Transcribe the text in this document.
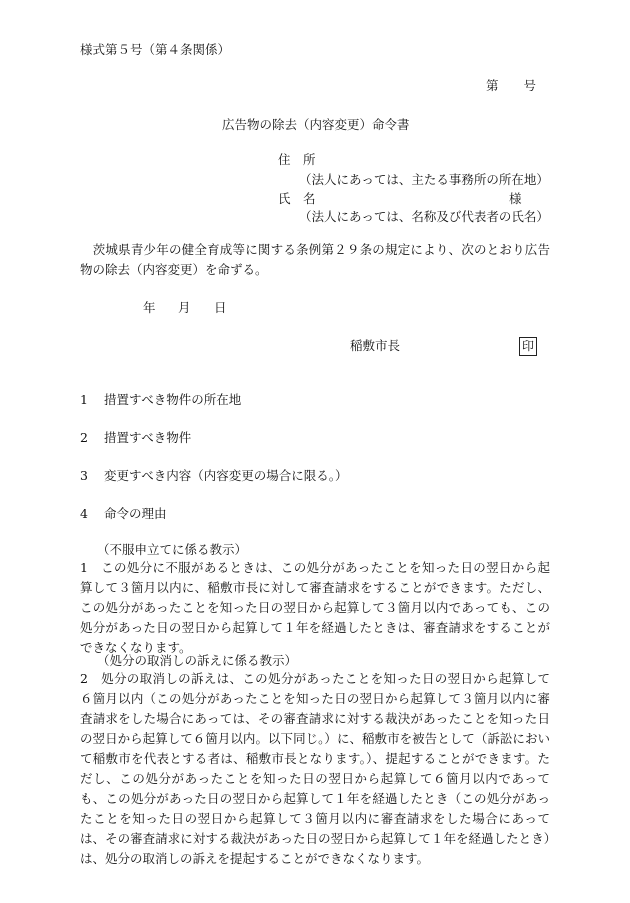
様式第５号（第４条関係）
第　　号
広告物の除去（内容変更）命令書
住　所
（法人にあっては、主たる事務所の所在地）
氏　名	様
（法人にあっては、名称及び代表者の氏名）
　茨城県青少年の健全育成等に関する条例第２９条の規定により、次のとおり広告物の除去（内容変更）を命ずる。
年 月 日
稲敷市長	印
1 措置すべき物件の所在地
2 措置すべき物件
3 変更すべき内容（内容変更の場合に限る。）
4 命令の理由
（不服申立てに係る教示）
1　この処分に不服があるときは、この処分があったことを知った日の翌日から起算して３箇月以内に、稲敷市長に対して審査請求をすることができます。ただし、この処分があったことを知った日の翌日から起算して３箇月以内であっても、この処分があった日の翌日から起算して１年を経過したときは、審査請求をすることができなくなります。
（処分の取消しの訴えに係る教示）
2　処分の取消しの訴えは、この処分があったことを知った日の翌日から起算して６箇月以内（この処分があったことを知った日の翌日から起算して３箇月以内に審査請求をした場合にあっては、その審査請求に対する裁決があったことを知った日の翌日から起算して６箇月以内。以下同じ。）に、稲敷市を被告として（訴訟において稲敷市を代表とする者は、稲敷市長となります。）、提起することができます。ただし、この処分があったことを知った日の翌日から起算して６箇月以内であっても、この処分があった日の翌日から起算して１年を経過したとき（この処分があったことを知った日の翌日から起算して３箇月以内に審査請求をした場合にあっては、その審査請求に対する裁決があった日の翌日から起算して１年を経過したとき）は、処分の取消しの訴えを提起することができなくなります。
